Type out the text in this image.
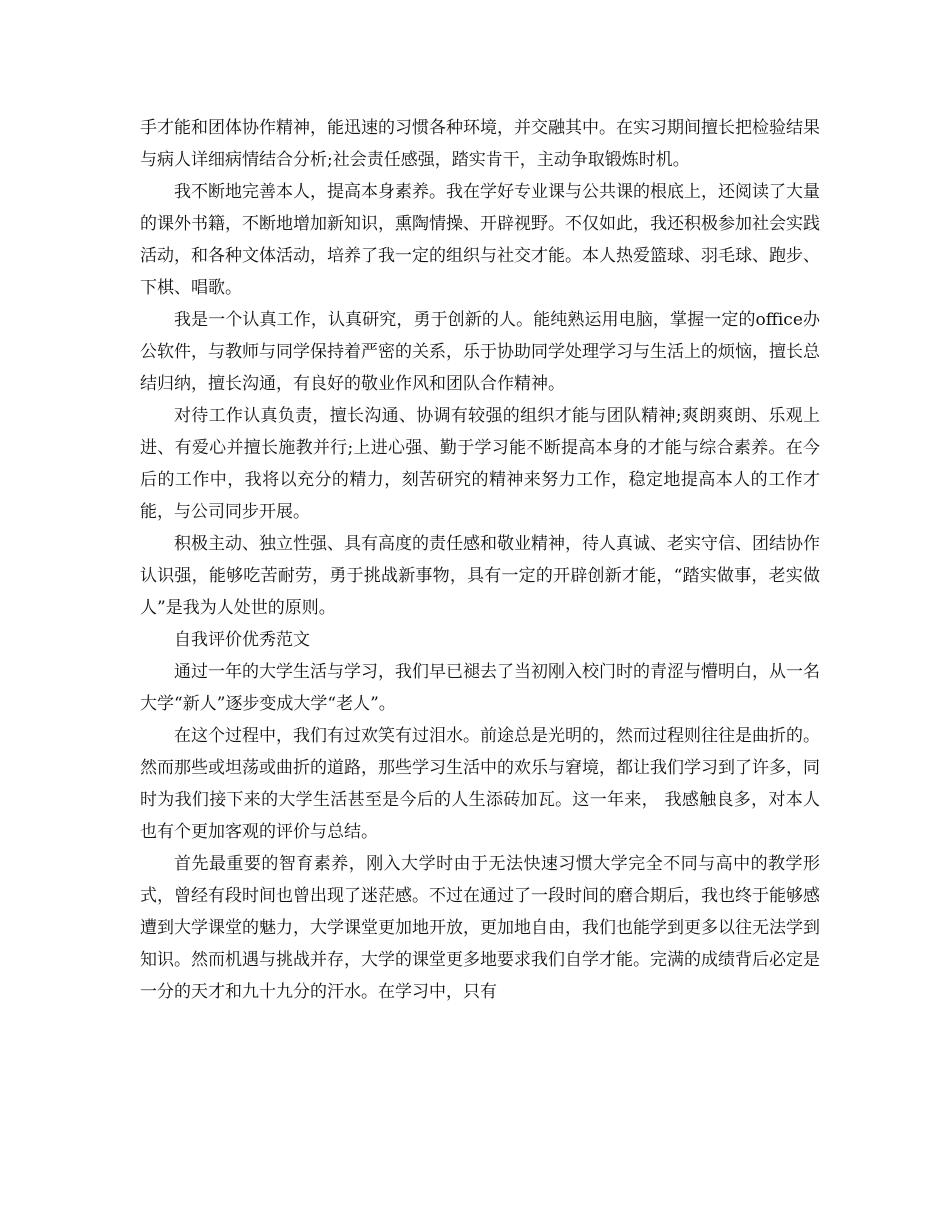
手才能和团体协作精神，能迅速的习惯各种环境，并交融其中。在实习期间擅长把检验结果与病人详细病情结合分析;社会责任感强，踏实肯干，主动争取锻炼时机。

我不断地完善本人，提高本身素养。我在学好专业课与公共课的根底上，还阅读了大量的课外书籍，不断地增加新知识，熏陶情操、开辟视野。不仅如此，我还积极参加社会实践活动，和各种文体活动，培养了我一定的组织与社交才能。本人热爱篮球、羽毛球、跑步、下棋、唱歌。

我是一个认真工作，认真研究，勇于创新的人。能纯熟运用电脑，掌握一定的office办公软件，与教师与同学保持着严密的关系，乐于协助同学处理学习与生活上的烦恼，擅长总结归纳，擅长沟通，有良好的敬业作风和团队合作精神。

对待工作认真负责，擅长沟通、协调有较强的组织才能与团队精神;爽朗爽朗、乐观上进、有爱心并擅长施教并行;上进心强、勤于学习能不断提高本身的才能与综合素养。在今后的工作中，我将以充分的精力，刻苦研究的精神来努力工作，稳定地提高本人的工作才能，与公司同步开展。

积极主动、独立性强、具有高度的责任感和敬业精神，待人真诚、老实守信、团结协作认识强，能够吃苦耐劳，勇于挑战新事物，具有一定的开辟创新才能，“踏实做事，老实做人”是我为人处世的原则。

自我评价优秀范文

通过一年的大学生活与学习，我们早已褪去了当初刚入校门时的青涩与懵明白，从一名大学“新人”逐步变成大学“老人”。

在这个过程中，我们有过欢笑有过泪水。前途总是光明的，然而过程则往往是曲折的。然而那些或坦荡或曲折的道路，那些学习生活中的欢乐与窘境，都让我们学习到了许多，同时为我们接下来的大学生活甚至是今后的人生添砖加瓦。这一年来， 我感触良多，对本人也有个更加客观的评价与总结。

首先最重要的智育素养，刚入大学时由于无法快速习惯大学完全不同与高中的教学形式，曾经有段时间也曾出现了迷茫感。不过在通过了一段时间的磨合期后，我也终于能够感遭到大学课堂的魅力，大学课堂更加地开放，更加地自由，我们也能学到更多以往无法学到知识。然而机遇与挑战并存，大学的课堂更多地要求我们自学才能。完满的成绩背后必定是一分的天才和九十九分的汗水。在学习中，只有
